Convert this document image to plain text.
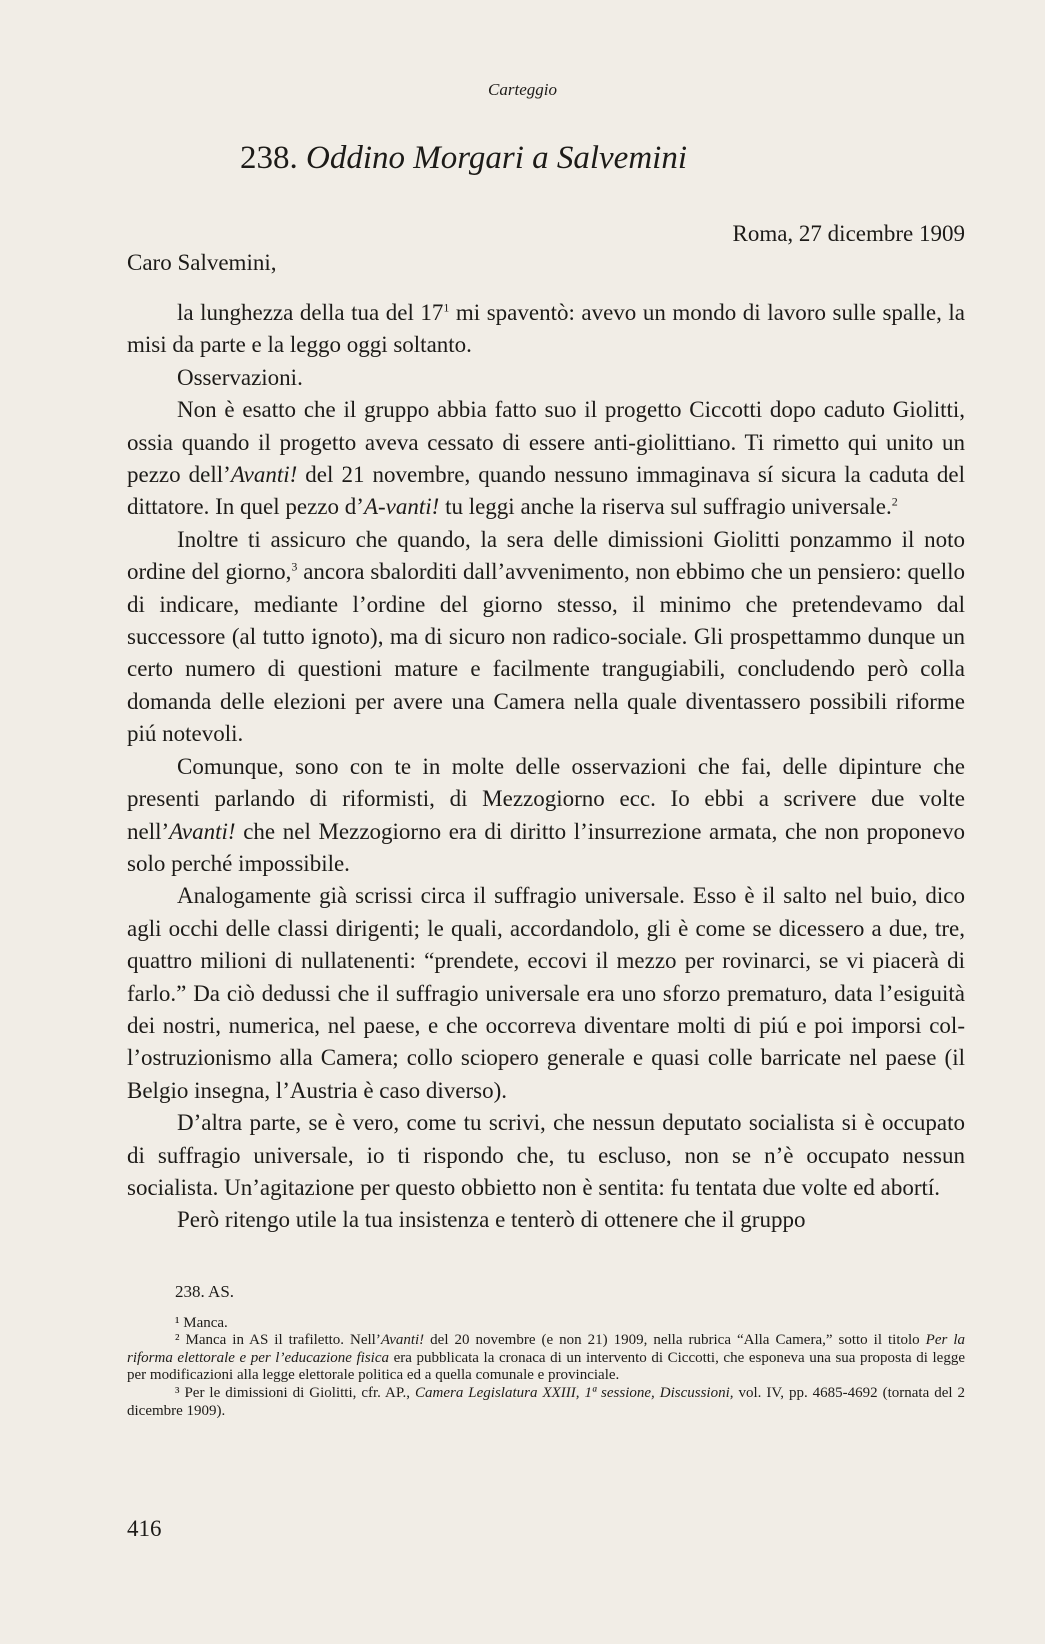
Carteggio
238. Oddino Morgari a Salvemini
Roma, 27 dicembre 1909
Caro Salvemini,

la lunghezza della tua del $17^1$ mi spaventò: avevo un mondo di lavoro sulle spalle, la misi da parte e la leggo oggi soltanto.

Osservazioni.

Non è esatto che il gruppo abbia fatto suo il progetto Ciccotti dopo caduto Giolitti, ossia quando il progetto aveva cessato di essere anti-giolittiano. Ti rimetto qui unito un pezzo dell’Avanti! del 21 novembre, quando nessuno immaginava sí sicura la caduta del dittatore. In quel pezzo d’A-vanti! tu leggi anche la riserva sul suffragio universale.$^2$

Inoltre ti assicuro che quando, la sera delle dimissioni Giolitti ponzammo il noto ordine del giorno,$^3$ ancora sbalorditi dall’avvenimento, non ebbimo che un pensiero: quello di indicare, mediante l’ordine del giorno stesso, il minimo che pretendevamo dal successore (al tutto ignoto), ma di sicuro non radico-sociale. Gli prospettammo dunque un certo numero di questioni mature e facilmente trangugiabili, concludendo però colla domanda delle elezioni per avere una Camera nella quale diventassero possibili riforme piú notevoli.

Comunque, sono con te in molte delle osservazioni che fai, delle dipinture che presenti parlando di riformisti, di Mezzogiorno ecc. Io ebbi a scrivere due volte nell’Avanti! che nel Mezzogiorno era di diritto l’insurrezione armata, che non proponevo solo perché impossibile.

Analogamente già scrissi circa il suffragio universale. Esso è il salto nel buio, dico agli occhi delle classi dirigenti; le quali, accordandolo, gli è come se dicessero a due, tre, quattro milioni di nullatenenti: “prendete, eccovi il mezzo per rovinarci, se vi piacerà di farlo.” Da ciò dedussi che il suffragio universale era uno sforzo prematuro, data l’esiguità dei nostri, numerica, nel paese, e che occorreva diventare molti di piú e poi imporsi coll’ostruzionismo alla Camera; collo sciopero generale e quasi colle barricate nel paese (il Belgio insegna, l’Austria è caso diverso).

D’altra parte, se è vero, come tu scrivi, che nessun deputato socialista si è occupato di suffragio universale, io ti rispondo che, tu escluso, non se n’è occupato nessun socialista. Un’agitazione per questo obbietto non è sentita: fu tentata due volte ed abortí.

Però ritengo utile la tua insistenza e tenterò di ottenere che il gruppo

238. AS.

¹ Manca.

² Manca in AS il trafiletto. Nell’Avanti! del 20 novembre (e non 21) 1909, nella rubrica “Alla Camera,” sotto il titolo Per la riforma elettorale e per l’educazione fisica era pubblicata la cronaca di un intervento di Ciccotti, che esponeva una sua proposta di legge per modificazioni alla legge elettorale politica ed a quella comunale e provinciale.

³ Per le dimissioni di Giolitti, cfr. AP., Camera Legislatura XXIII, 1ª sessione, Discussioni, vol. IV, pp. 4685-4692 (tornata del 2 dicembre 1909).

416
